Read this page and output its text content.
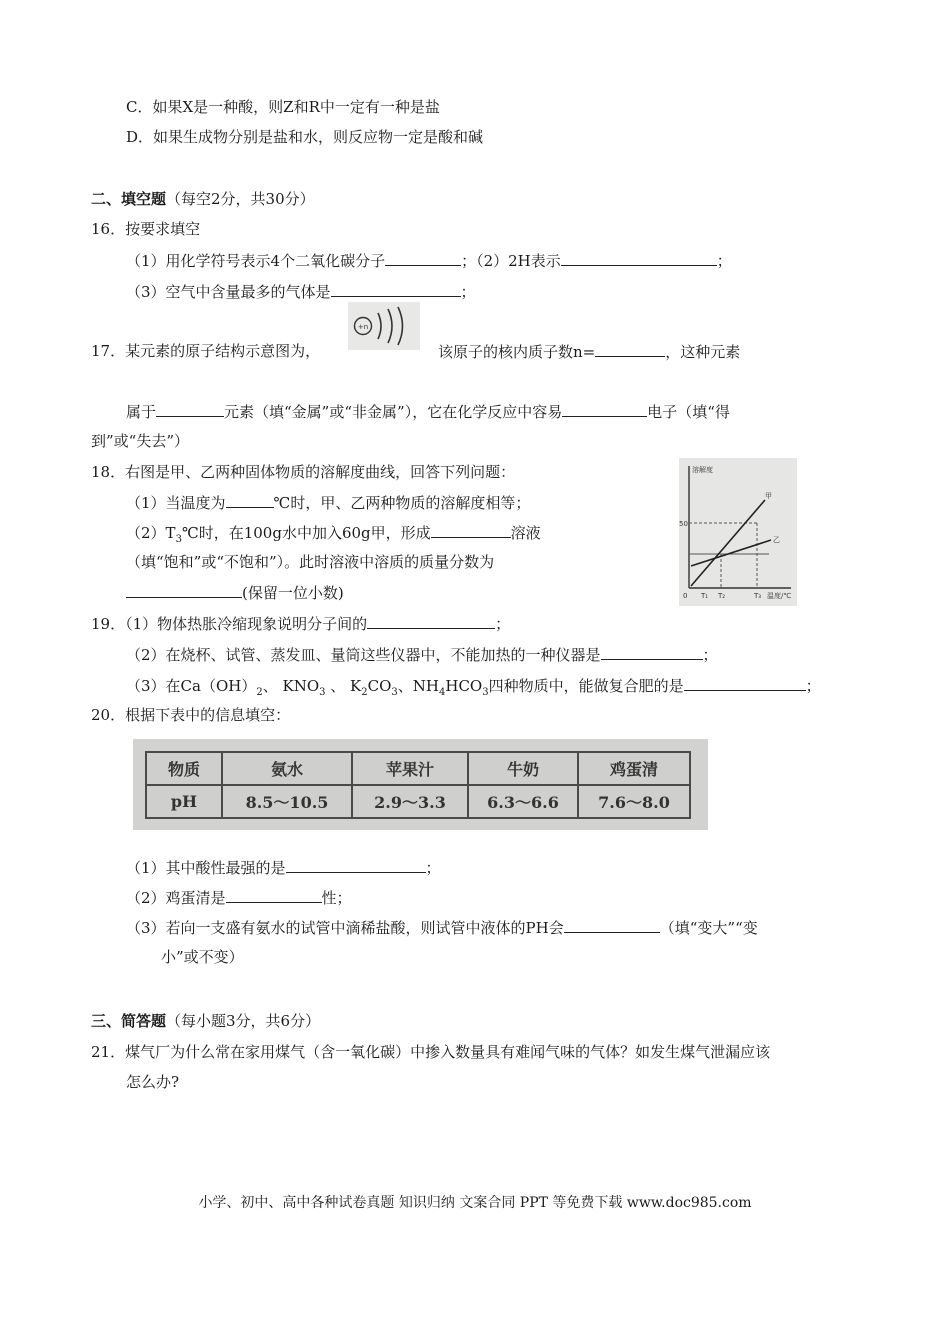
C．如果X是一种酸，则Z和R中一定有一种是盐
D．如果生成物分别是盐和水，则反应物一定是酸和碱
二、填空题（每空2分，共30分）
16．按要求填空
（1）用化学符号表示4个二氧化碳分子	；（2）2H表示	；
（3）空气中含量最多的气体是	；
17．某元素的原子结构示意图为，
+n
该原子的核内质子数n=	，这种元素
属于	元素（填“金属”或“非金属”），它在化学反应中容易	电子（填“得
到”或“失去”）
18．右图是甲、乙两种固体物质的溶解度曲线，回答下列问题：
（1）当温度为	℃时，甲、乙两种物质的溶解度相等；
$(2)T_3℃$时，在100g水中加入60g甲，形成	溶液
（填“饱和”或“不饱和”）。此时溶液中溶质的质量分数为
(保留一位小数)
溶解度
50
甲
乙
0 T₁ T₂	T₃ 温度/℃
19．（1）物体热胀冷缩现象说明分子间的	；
（2）在烧杯、试管、蒸发皿、量筒这些仪器中，不能加热的一种仪器是	；
（3）在$Ca(OH)_2$、 $KNO_3$ 、 $K_2CO_3$、$NH_4HCO_3$四种物质中，能做复合肥的是	；
20．根据下表中的信息填空：
物质	氨水	苹果汁	牛奶	鸡蛋清
pH	8.5～10.5	2.9～3.3	6.3～6.6	7.6～8.0
（1）其中酸性最强的是	；
（2）鸡蛋清是	性；
（3）若向一支盛有氨水的试管中滴稀盐酸，则试管中液体的PH会	（填“变大”“变
小”或不变）
三、简答题（每小题3分，共6分）
21．煤气厂为什么常在家用煤气（含一氧化碳）中掺入数量具有难闻气味的气体？如发生煤气泄漏应该
怎么办?
小学、初中、高中各种试卷真题 知识归纳 文案合同 PPT 等免费下载 www.doc985.com
